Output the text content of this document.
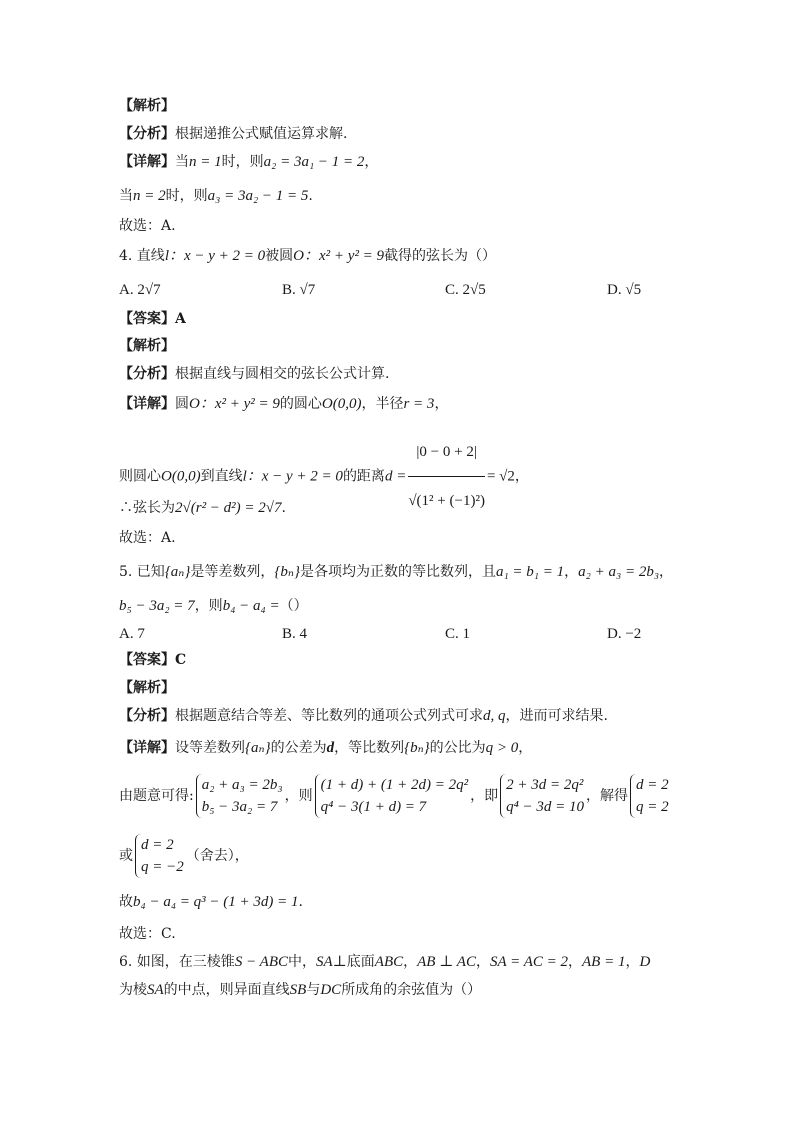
【解析】
【分析】根据递推公式赋值运算求解.
【详解】当n = 1时，则a₂ = 3a₁ − 1 = 2，
当n = 2时，则a₃ = 3a₂ − 1 = 5.
故选：A.
4. 直线l：x − y + 2 = 0被圆O：x² + y² = 9截得的弦长为（）
A. 2√7	B. √7	C. 2√5	D. √5
【答案】A
【解析】
【分析】根据直线与圆相交的弦长公式计算.
【详解】圆O：x² + y² = 9的圆心O(0,0)，半径r = 3，
则圆心O(0,0)到直线l：x − y + 2 = 0的距离$d = \frac{|0 - 0 + 2|}{\text{√(1² + (−1)²)}} = √2$，
∴弦长为2√(r² − d²) = 2√7.
故选：A.
5. 已知{aₙ}是等差数列，{bₙ}是各项均为正数的等比数列，且a₁ = b₁ = 1，a₂ + a₃ = 2b₃，
b₅ − 3a₂ = 7，则b₄ − a₄ =（）
A. 7	B. 4	C. 1	D. −2
【答案】C
【解析】
【分析】根据题意结合等差、等比数列的通项公式列式可求d, q，进而可求结果.
【详解】设等差数列{aₙ}的公差为d，等比数列{bₙ}的公比为q > 0，
由题意可得:
a₂ + a₃ = 2b₃
b₅ − 3a₂ = 7
，则
(1 + d) + (1 + 2d) = 2q²
q⁴ − 3(1 + d) = 7
，即
2 + 3d = 2q²
q⁴ − 3d = 10
，解得
d = 2
q = 2
或
d = 2
q = −2
（舍去），
故b₄ − a₄ = q³ − (1 + 3d) = 1.
故选：C.
6. 如图，在三棱锥S − ABC中，SA⊥底面ABC，AB ⊥ AC，SA = AC = 2，AB = 1，D
为棱SA的中点，则异面直线SB与DC所成角的余弦值为（）
